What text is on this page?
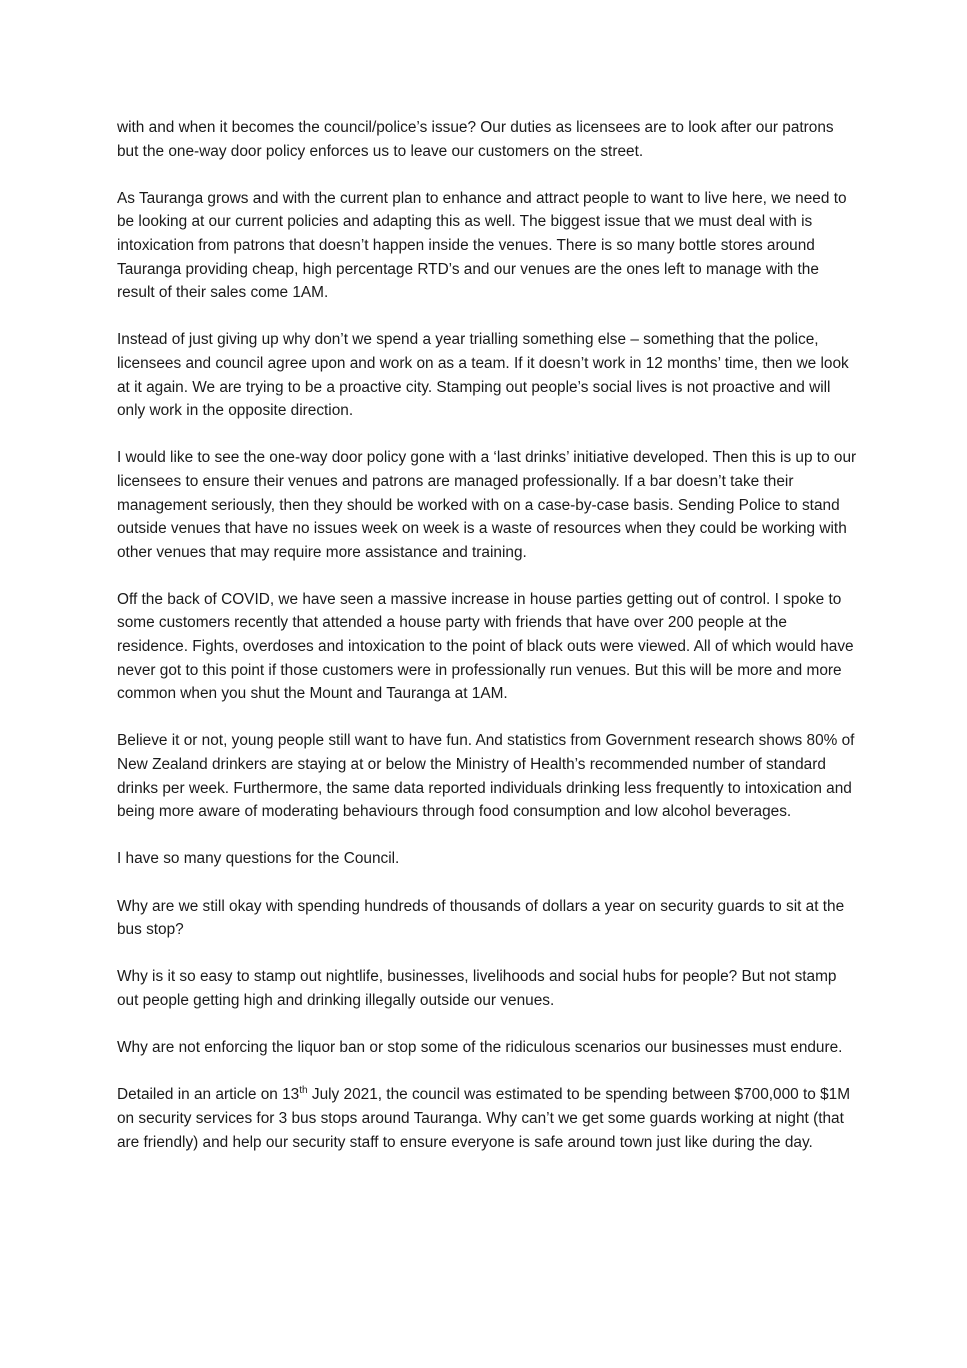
with and when it becomes the council/police’s issue? Our duties as licensees are to look after our patrons but the one-way door policy enforces us to leave our customers on the street.

As Tauranga grows and with the current plan to enhance and attract people to want to live here, we need to be looking at our current policies and adapting this as well. The biggest issue that we must deal with is intoxication from patrons that doesn’t happen inside the venues. There is so many bottle stores around Tauranga providing cheap, high percentage RTD’s and our venues are the ones left to manage with the result of their sales come 1AM.

Instead of just giving up why don’t we spend a year trialling something else – something that the police, licensees and council agree upon and work on as a team. If it doesn’t work in 12 months’ time, then we look at it again. We are trying to be a proactive city. Stamping out people’s social lives is not proactive and will only work in the opposite direction.

I would like to see the one-way door policy gone with a ‘last drinks’ initiative developed. Then this is up to our licensees to ensure their venues and patrons are managed professionally. If a bar doesn’t take their management seriously, then they should be worked with on a case-by-case basis. Sending Police to stand outside venues that have no issues week on week is a waste of resources when they could be working with other venues that may require more assistance and training.

Off the back of COVID, we have seen a massive increase in house parties getting out of control. I spoke to some customers recently that attended a house party with friends that have over 200 people at the residence. Fights, overdoses and intoxication to the point of black outs were viewed. All of which would have never got to this point if those customers were in professionally run venues. But this will be more and more common when you shut the Mount and Tauranga at 1AM.

Believe it or not, young people still want to have fun. And statistics from Government research shows 80% of New Zealand drinkers are staying at or below the Ministry of Health’s recommended number of standard drinks per week. Furthermore, the same data reported individuals drinking less frequently to intoxication and being more aware of moderating behaviours through food consumption and low alcohol beverages.

I have so many questions for the Council.

Why are we still okay with spending hundreds of thousands of dollars a year on security guards to sit at the bus stop?

Why is it so easy to stamp out nightlife, businesses, livelihoods and social hubs for people? But not stamp out people getting high and drinking illegally outside our venues.

Why are not enforcing the liquor ban or stop some of the ridiculous scenarios our businesses must endure.

Detailed in an article on 13th July 2021, the council was estimated to be spending between $700,000 to $1M on security services for 3 bus stops around Tauranga. Why can’t we get some guards working at night (that are friendly) and help our security staff to ensure everyone is safe around town just like during the day.
